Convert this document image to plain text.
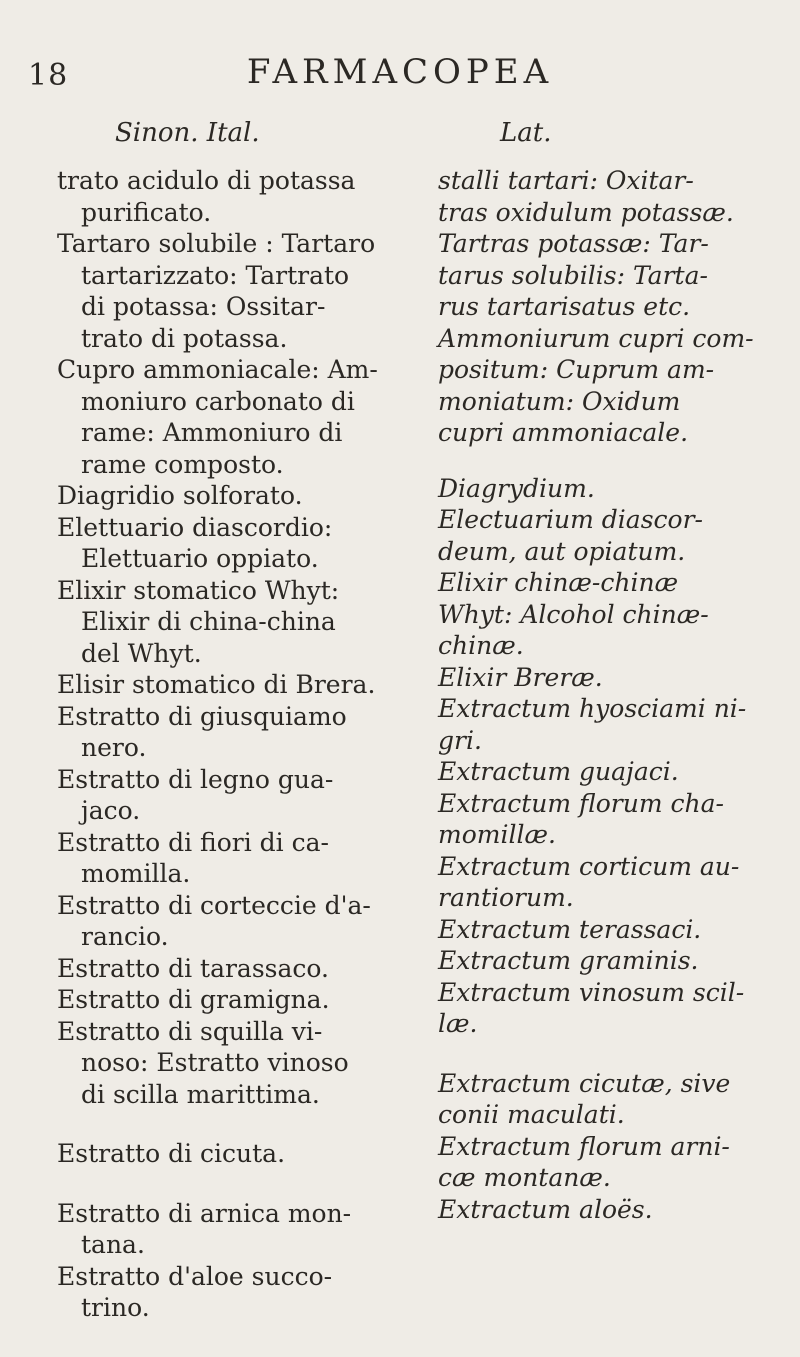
18	FARMACOPEA
Sinon. Ital.	Lat.

trato acidulo di potassa
purificato.

Tartaro solubile : Tartaro
tartarizzato: Tartrato
di potassa: Ossitar-
trato di potassa.

Cupro ammoniacale: Am-
moniuro carbonato di
rame: Ammoniuro di
rame composto.

Diagridio solforato.

Elettuario diascordio:
Elettuario oppiato.

Elixir stomatico Whyt:
Elixir di china-china
del Whyt.

Elisir stomatico di Brera.

Estratto di giusquiamo
nero.

Estratto di legno gua-
jaco.

Estratto di fiori di ca-
momilla.

Estratto di corteccie d'a-
rancio.

Estratto di tarassaco.

Estratto di gramigna.

Estratto di squilla vi-
noso: Estratto vinoso
di scilla marittima.

Estratto di cicuta.

Estratto di arnica mon-
tana.

Estratto d'aloe succo-
trino.

stalli tartari: Oxitar-
tras oxidulum potassæ.

Tartras potassæ: Tar-
tarus solubilis: Tarta-
rus tartarisatus etc.

Ammoniurum cupri com-
positum: Cuprum am-
moniatum: Oxidum
cupri ammoniacale.

Diagrydium.

Electuarium diascor-
deum, aut opiatum.

Elixir chinæ-chinæ
Whyt: Alcohol chinæ-
chinæ.

Elixir Breræ.

Extractum hyosciami ni-
gri.

Extractum guajaci.

Extractum florum cha-
momillæ.

Extractum corticum au-
rantiorum.

Extractum terassaci.

Extractum graminis.

Extractum vinosum scil-
læ.

Extractum cicutæ, sive
conii maculati.

Extractum florum arni-
cæ montanæ.

Extractum aloës.
